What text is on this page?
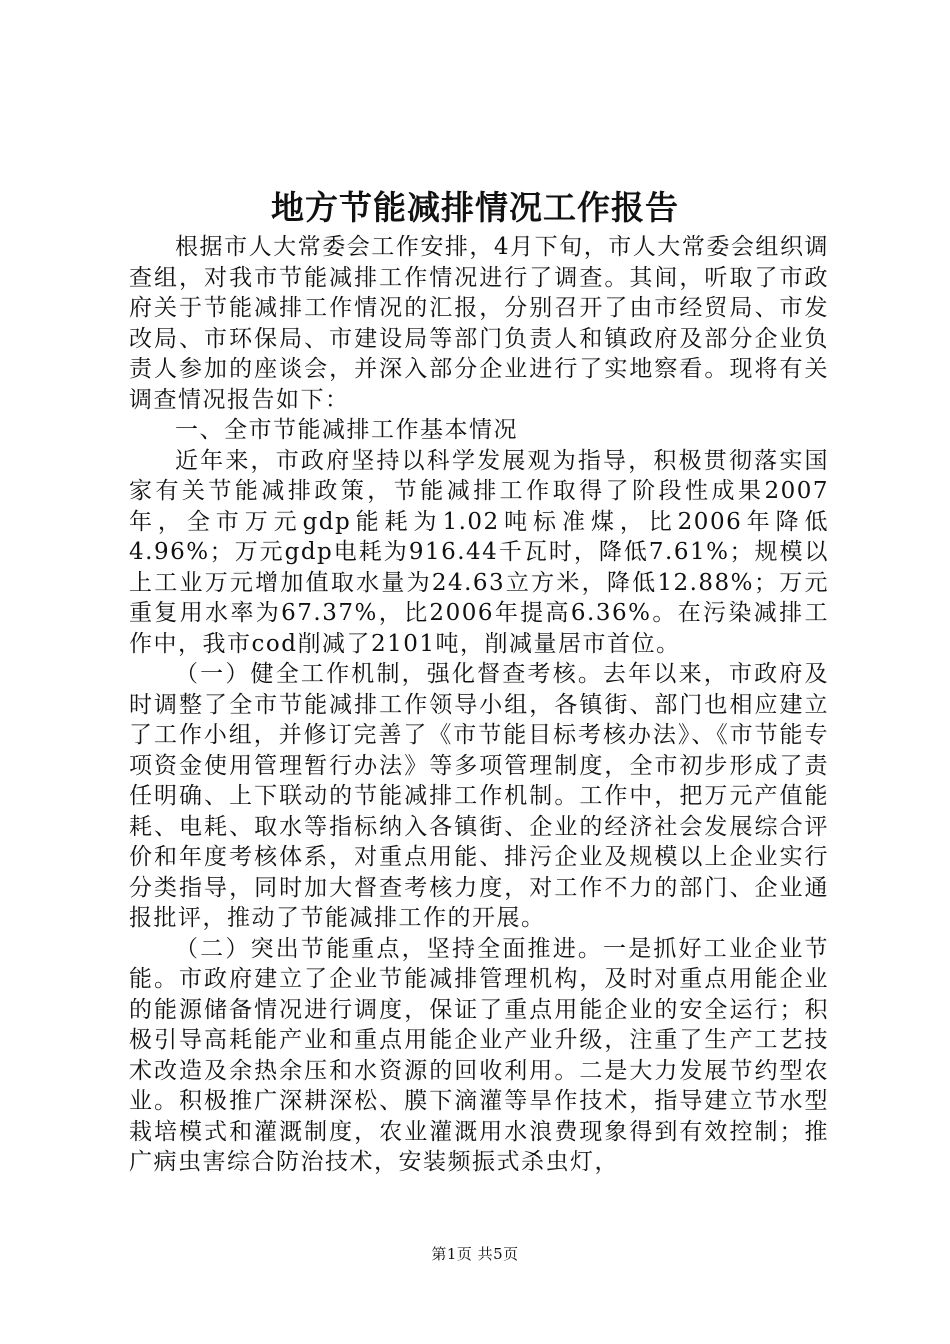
地方节能减排情况工作报告

根据市人大常委会工作安排，4月下旬，市人大常委会组织调查组，对我市节能减排工作情况进行了调查。其间，听取了市政府关于节能减排工作情况的汇报，分别召开了由市经贸局、市发改局、市环保局、市建设局等部门负责人和镇政府及部分企业负责人参加的座谈会，并深入部分企业进行了实地察看。现将有关调查情况报告如下：

一、全市节能减排工作基本情况

近年来，市政府坚持以科学发展观为指导，积极贯彻落实国家有关节能减排政策，节能减排工作取得了阶段性成果2007年，全市万元gdp能耗为1.02吨标准煤，比2006年降低4.96%；万元gdp电耗为916.44千瓦时，降低7.61%；规模以上工业万元增加值取水量为24.63立方米，降低12.88%；万元重复用水率为67.37%，比2006年提高6.36%。在污染减排工作中，我市cod削减了2101吨，削减量居市首位。

（一）健全工作机制，强化督查考核。去年以来，市政府及时调整了全市节能减排工作领导小组，各镇街、部门也相应建立了工作小组，并修订完善了《市节能目标考核办法》、《市节能专项资金使用管理暂行办法》等多项管理制度，全市初步形成了责任明确、上下联动的节能减排工作机制。工作中，把万元产值能耗、电耗、取水等指标纳入各镇街、企业的经济社会发展综合评价和年度考核体系，对重点用能、排污企业及规模以上企业实行分类指导，同时加大督查考核力度，对工作不力的部门、企业通报批评，推动了节能减排工作的开展。

（二）突出节能重点，坚持全面推进。一是抓好工业企业节能。市政府建立了企业节能减排管理机构，及时对重点用能企业的能源储备情况进行调度，保证了重点用能企业的安全运行；积极引导高耗能产业和重点用能企业产业升级，注重了生产工艺技术改造及余热余压和水资源的回收利用。二是大力发展节约型农业。积极推广深耕深松、膜下滴灌等旱作技术，指导建立节水型栽培模式和灌溉制度，农业灌溉用水浪费现象得到有效控制；推广病虫害综合防治技术，安装频振式杀虫灯，

第1页 共5页
